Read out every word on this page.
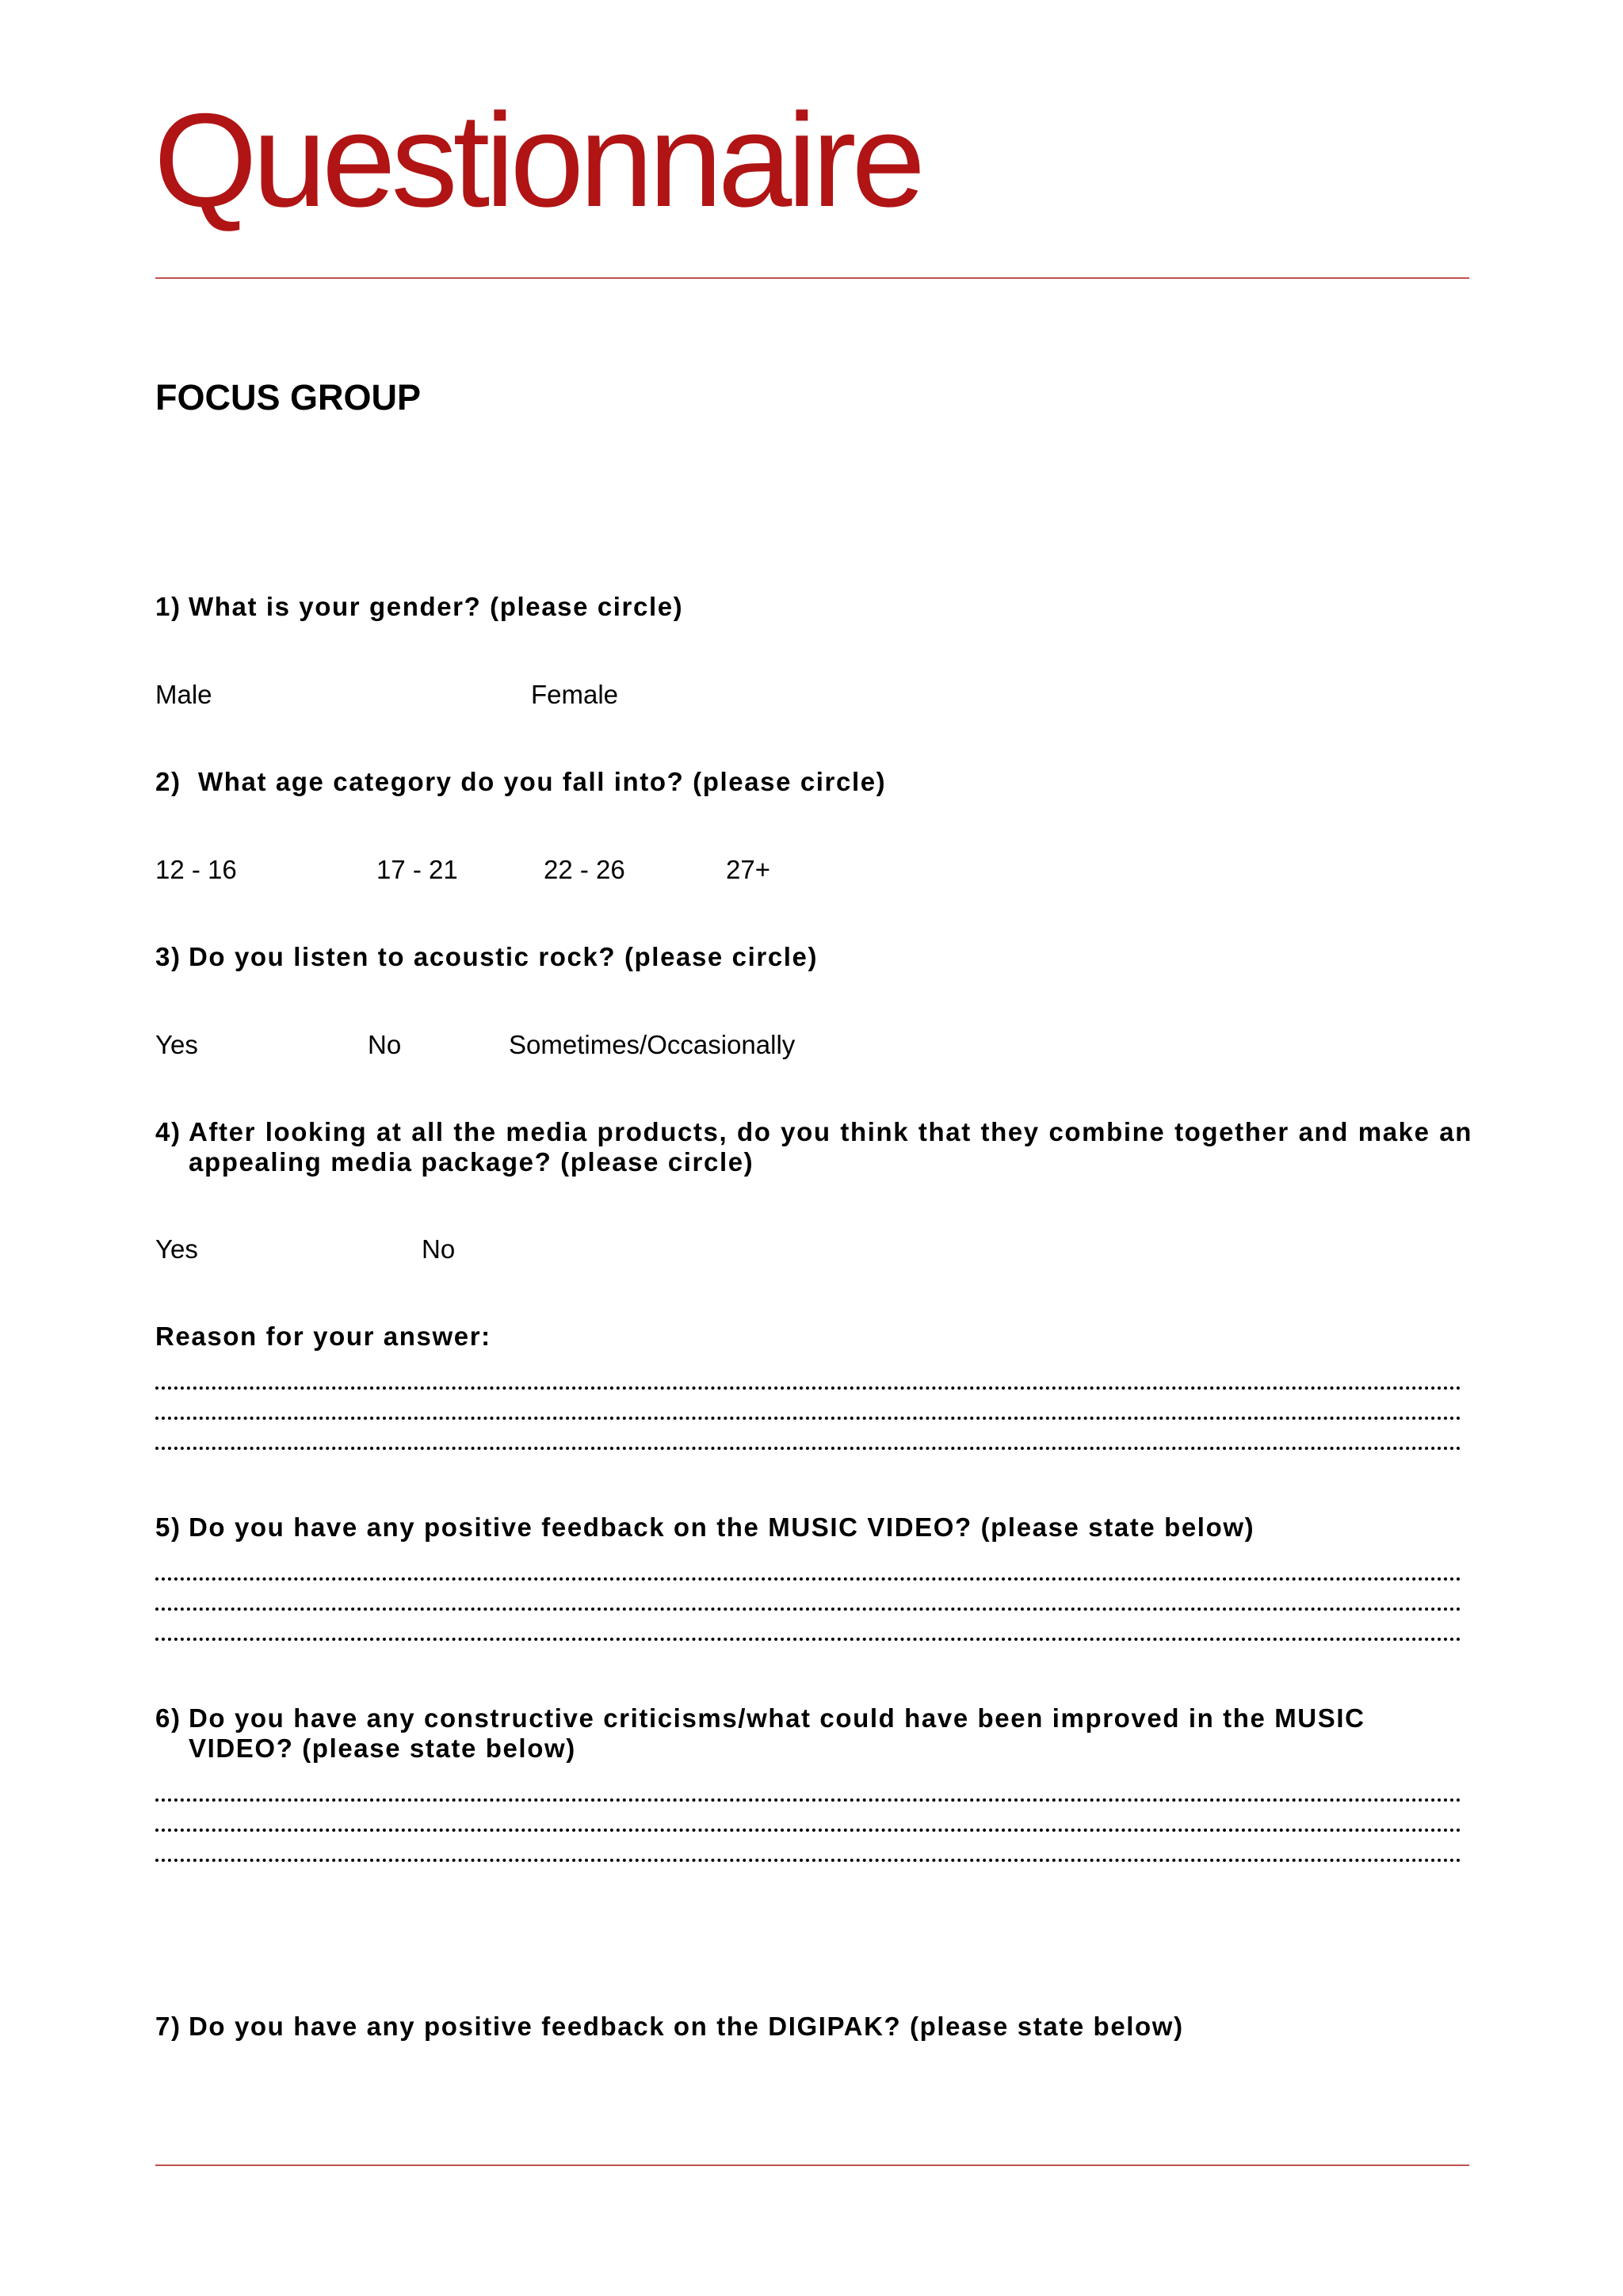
Questionnaire
FOCUS GROUP
1) What is your gender? (please circle)
Male	Female
2) What age category do you fall into? (please circle)
12 - 16	17 - 21	22 - 26	27+
3) Do you listen to acoustic rock? (please circle)
Yes	No	Sometimes/Occasionally
4) After looking at all the media products, do you think that they combine together and make an appealing media package? (please circle)
Yes	No
Reason for your answer:
5) Do you have any positive feedback on the MUSIC VIDEO? (please state below)
6) Do you have any constructive criticisms/what could have been improved in the MUSIC VIDEO? (please state below)
7) Do you have any positive feedback on the DIGIPAK? (please state below)
